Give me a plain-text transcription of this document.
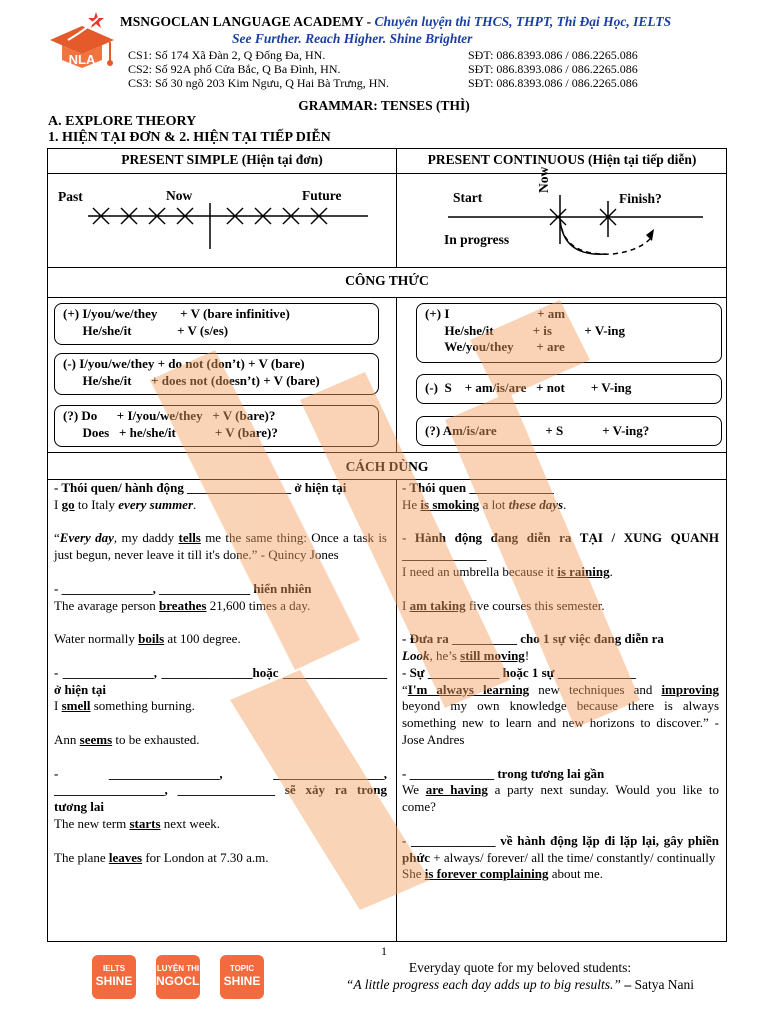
NLA
MSNGOCLAN LANGUAGE ACADEMY - Chuyên luyện thi THCS, THPT, Thi Đại Học, IELTS
See Further. Reach Higher. Shine Brighter
CS1: Số 174 Xã Đàn 2, Q Đống Đa, HN.	SĐT: 086.8393.086 / 086.2265.086
CS2: Số 92A phố Cửa Bắc, Q Ba Đình, HN.	SĐT: 086.8393.086 / 086.2265.086
CS3: Số 30 ngõ 203 Kim Ngưu, Q Hai Bà Trưng, HN.	SĐT: 086.8393.086 / 086.2265.086
GRAMMAR: TENSES (THÌ)
A. EXPLORE THEORY
1. HIỆN TẠI ĐƠN & 2. HIỆN TẠI TIẾP DIỄN
PRESENT SIMPLE (Hiện tại đơn)	PRESENT CONTINUOUS (Hiện tại tiếp diễn)
Past	Now	Future	Start	Finish?
In progress
Now
CÔNG THỨC
(+) I/you/we/they       + V (bare infinitive)
He/she/it              + V (s/es)
(-) I/you/we/they + do not (don’t) + V (bare)
He/she/it      + does not (doesn’t) + V (bare)
(?) Do      + I/you/we/they   + V (bare)?
Does   + he/she/it            + V (bare)?
(+) I                           + am
He/she/it            + is          + V-ing
We/you/they       + are
(-)  S    + am/is/are   + not        + V-ing
(?) Am/is/are               + S            + V-ing?
CÁCH DÙNG

- Thói quen/ hành động ________________ ở hiện tại

I go to Italy every summer.

“Every day, my daddy tells me the same thing: Once a task is just begun, never leave it till it's done.” - Quincy Jones

- ______________, ______________ hiển nhiên

The avarage person breathes 21,600 times a day.

Water normally boils at 100 degree.

- ______________, ______________hoặc ________________ ở hiện tại

I smell something burning.

Ann seems to be exhausted.

- _________________, _________________, _________________, _______________ sẽ xảy ra trong tương lai

The new term starts next week.

The plane leaves for London at 7.30 a.m.

- Thói quen _____________

He is smoking a lot these days.

- Hành động đang diễn ra TẠI / XUNG QUANH _____________

I need an umbrella because it is raining.

I am taking five courses this semester.

- Đưa ra __________ cho 1 sự việc đang diễn ra

Look, he’s still moving!

- Sự ___________ hoặc 1 sự ____________

“I'm always learning new techniques and improving beyond my own knowledge because there is always something new to learn and new horizons to discover.” - Jose Andres

- _____________ trong tương lai gần

We are having a party next sunday. Would you like to come?

- _____________ về hành động lặp đi lặp lại, gây phiền phức + always/ forever/ all the time/ constantly/ continually

She is forever complaining about me.

1
Everyday quote for my beloved students:
“A little progress each day adds up to big results.” – Satya Nani
IELTS
SHINE
LUYỆN THI
NGOCLAN
TOPIC
SHINE
